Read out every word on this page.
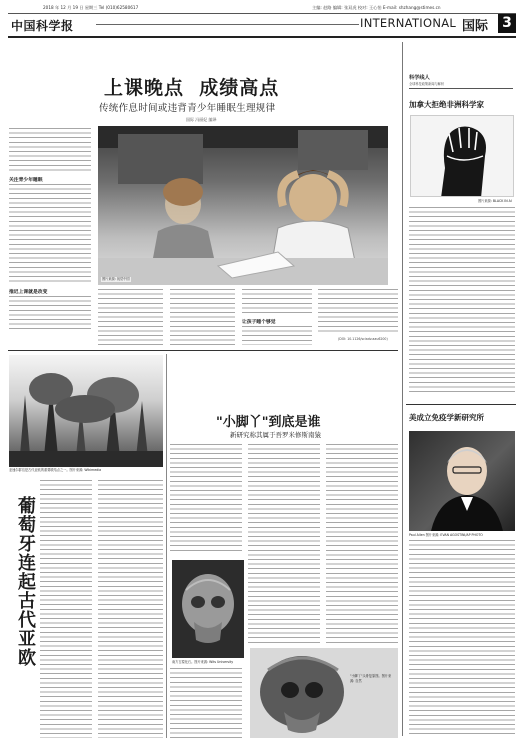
2018 年 12 月 19 日 星期三 Tel (010)62580617	主编: 赵路 编辑: 张双虎 校对: 王心怡 E-mail: shzhang@stimes.cn
中国科学报	INTERNATIONAL 国际 3
上课晚点  成绩高点
传统作息时间或违背青少年睡眠生理规律
国际 冯丽妃 编译
关注青少年睡眠
推迟上课就是改变
图片来源: 视觉中国
让孩子睡个够觉
(DOI: 10.1126/sciadv.aau6200)
科学线人
全球科技政策新闻与解析
加拿大拒绝非洲科学家
图片来源: BLACK IN AI
美成立免疫学新研究所
Paul Allen 图片来源: EVAN AGOSTINI/AP PHOTO
亚速尔群岛是古代亚欧的重要联结点之一。图片来源: Wikimedia
葡萄牙连起古代亚欧
"小脚丫"到底是谁
新研究称其属于吾罗米修斯南猿
南方古猿化石。图片来源: Wits University
"小脚丫"头骨复原图。图片来源: 自然
